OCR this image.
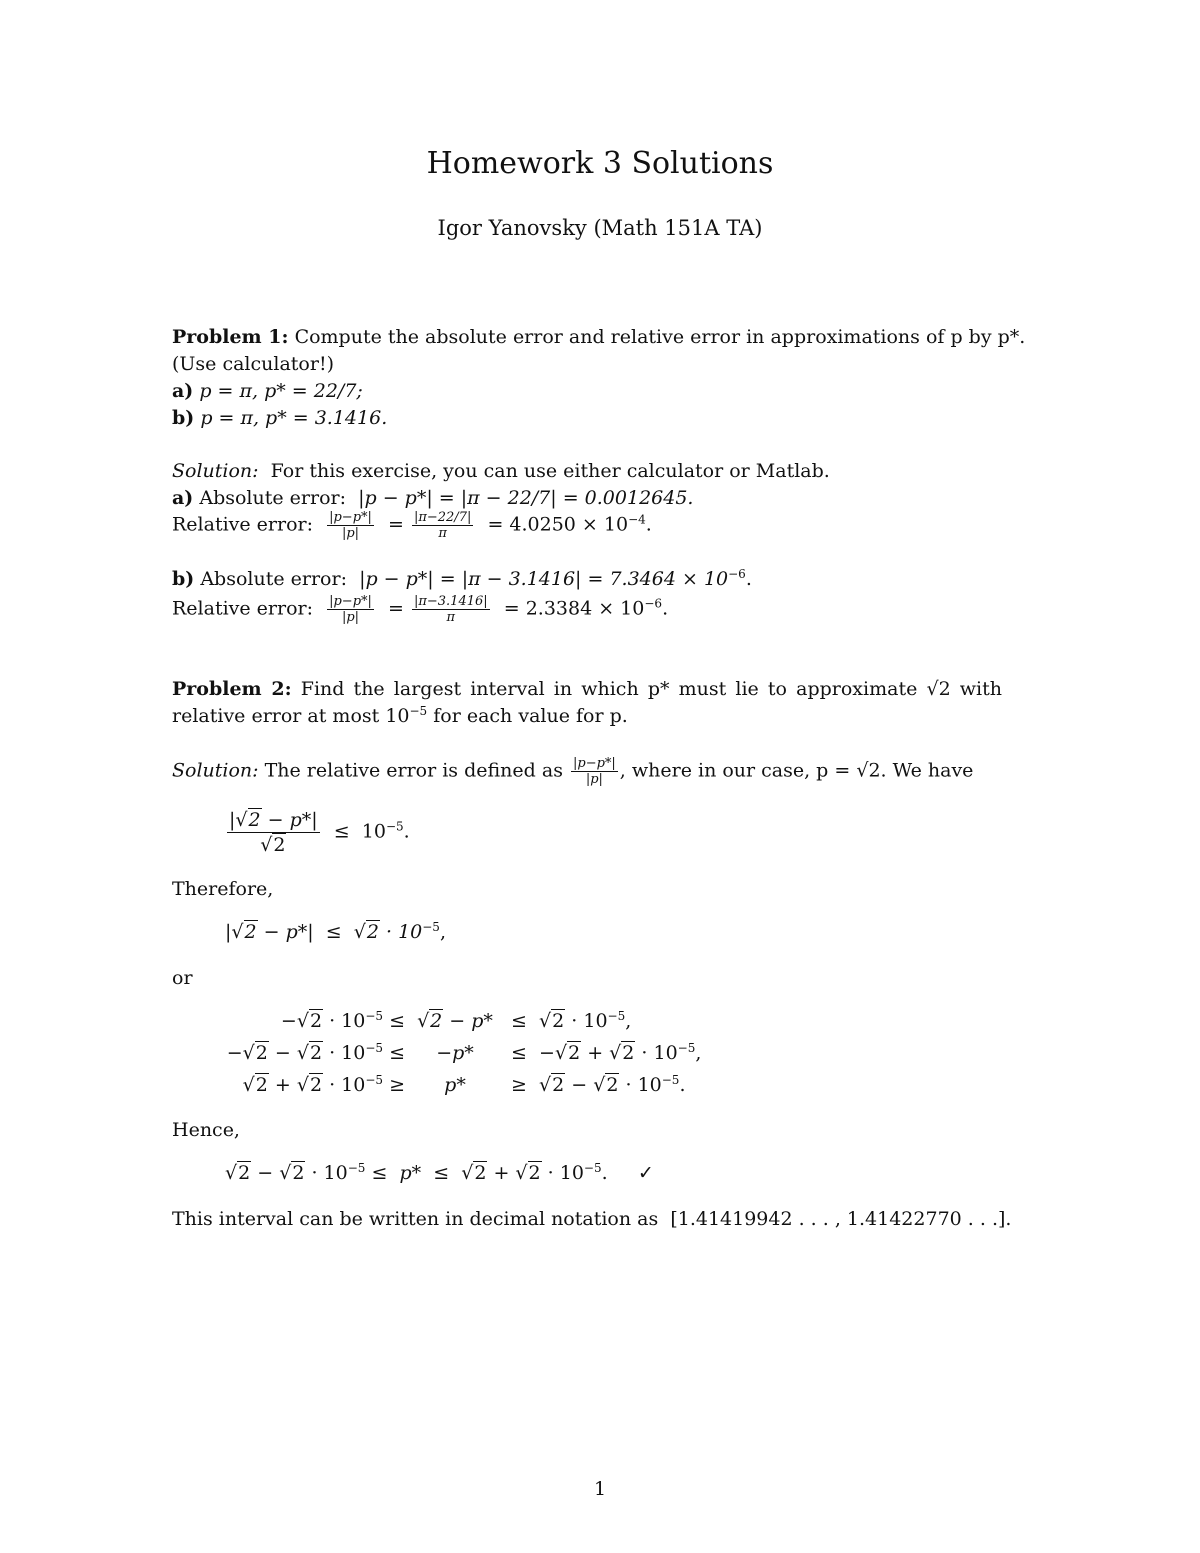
Homework 3 Solutions
Igor Yanovsky (Math 151A TA)
Problem 1: Compute the absolute error and relative error in approximations of p by p*.
(Use calculator!)
a) p = π, p* = 22/7;
b) p = π, p* = 3.1416.
Solution: For this exercise, you can use either calculator or Matlab.
a) Absolute error: |p − p*| = |π − 22/7| = 0.0012645.
Relative error: $\frac{|p-p*|}{|p|} = \frac{|\pi-22/7|}{\pi} = 4.0250 \times 10^{-4}$.
b) Absolute error: $|p - p*| = |\pi - 3.1416| = 7.3464 \times 10^{-6}$.
Relative error: $\frac{|p-p*|}{|p|} = \frac{|\pi-3.1416|}{\pi} = 2.3384 \times 10^{-6}$.
Problem 2: Find the largest interval in which p* must lie to approximate √2 with
relative error at most $10^{-5}$ for each value for p.
Solution: The relative error is defined as $\frac{|p-p*|}{|p|}$ , where in our case, p = √2. We have
$\frac{|√2 - p*|}{√2} \le 10^{-5}$.
Therefore,
$|√2 - p*| \le √2 \cdot 10^{-5}$,
or
$-√2 \cdot 10^{-5} \le √2 - p* \le √2 \cdot 10^{-5}$,
$-√2 - √2 \cdot 10^{-5}$ ≤	−p*	≤  $-√2 + √2 \cdot 10^{-5}$,
$√2 + √2 \cdot 10^{-5}$ ≥	p*	≥  $√2 - √2 \cdot 10^{-5}$.
Hence,
$√2 - √2 \cdot 10^{-5} \le p* \le √2 + √2 \cdot 10^{-5}$.     ✓
This interval can be written in decimal notation as [1.41419942 . . . , 1.41422770 . . .].
1
